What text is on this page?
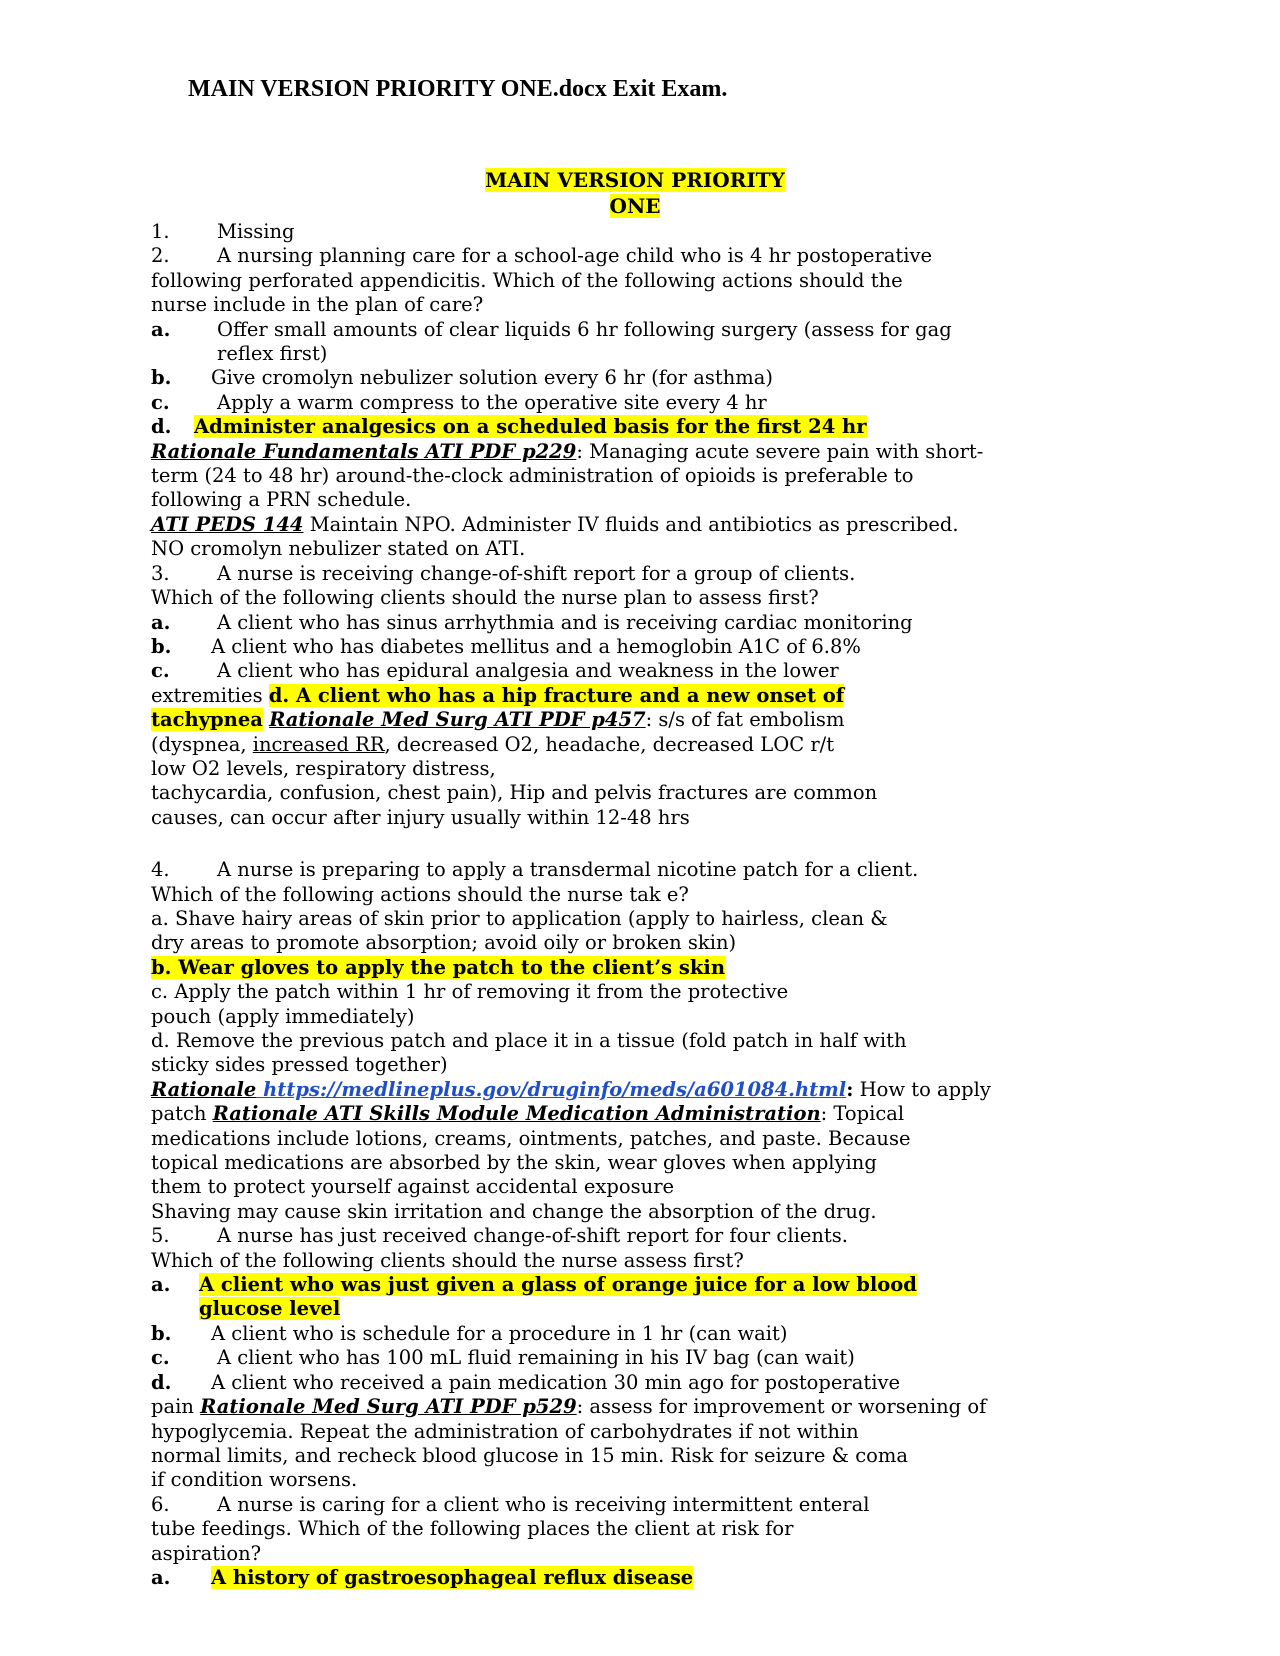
MAIN VERSION PRIORITY ONE.docx Exit Exam.
MAIN VERSION PRIORITY
ONE
1. Missing
2. A nursing planning care for a school-age child who is 4 hr postoperative
following perforated appendicitis. Which of the following actions should the
nurse include in the plan of care?
a. Offer small amounts of clear liquids 6 hr following surgery (assess for gag
reflex first)
b. Give cromolyn nebulizer solution every 6 hr (for asthma)
c. Apply a warm compress to the operative site every 4 hr
d. Administer analgesics on a scheduled basis for the first 24 hr
Rationale Fundamentals ATI PDF p229: Managing acute severe pain with short-
term (24 to 48 hr) around-the-clock administration of opioids is preferable to
following a PRN schedule.
ATI PEDS 144 Maintain NPO. Administer IV fluids and antibiotics as prescribed.
NO cromolyn nebulizer stated on ATI.
3. A nurse is receiving change-of-shift report for a group of clients.
Which of the following clients should the nurse plan to assess first?
a. A client who has sinus arrhythmia and is receiving cardiac monitoring
b. A client who has diabetes mellitus and a hemoglobin A1C of 6.8%
c. A client who has epidural analgesia and weakness in the lower
extremities d. A client who has a hip fracture and a new onset of
tachypnea Rationale Med Surg ATI PDF p457: s/s of fat embolism
(dyspnea, increased RR, decreased O2, headache, decreased LOC r/t
low O2 levels, respiratory distress,
tachycardia, confusion, chest pain), Hip and pelvis fractures are common
causes, can occur after injury usually within 12-48 hrs
4. A nurse is preparing to apply a transdermal nicotine patch for a client.
Which of the following actions should the nurse tak e?
a. Shave hairy areas of skin prior to application (apply to hairless, clean &
dry areas to promote absorption; avoid oily or broken skin)
b. Wear gloves to apply the patch to the client’s skin
c. Apply the patch within 1 hr of removing it from the protective
pouch (apply immediately)
d. Remove the previous patch and place it in a tissue (fold patch in half with
sticky sides pressed together)
Rationale https://medlineplus.gov/druginfo/meds/a601084.html: How to apply
patch Rationale ATI Skills Module Medication Administration: Topical
medications include lotions, creams, ointments, patches, and paste. Because
topical medications are absorbed by the skin, wear gloves when applying
them to protect yourself against accidental exposure
Shaving may cause skin irritation and change the absorption of the drug.
5. A nurse has just received change-of-shift report for four clients.
Which of the following clients should the nurse assess first?
a. A client who was just given a glass of orange juice for a low blood
glucose level
b. A client who is schedule for a procedure in 1 hr (can wait)
c. A client who has 100 mL fluid remaining in his IV bag (can wait)
d. A client who received a pain medication 30 min ago for postoperative
pain Rationale Med Surg ATI PDF p529: assess for improvement or worsening of
hypoglycemia. Repeat the administration of carbohydrates if not within
normal limits, and recheck blood glucose in 15 min. Risk for seizure & coma
if condition worsens.
6. A nurse is caring for a client who is receiving intermittent enteral
tube feedings. Which of the following places the client at risk for
aspiration?
a. A history of gastroesophageal reflux disease
